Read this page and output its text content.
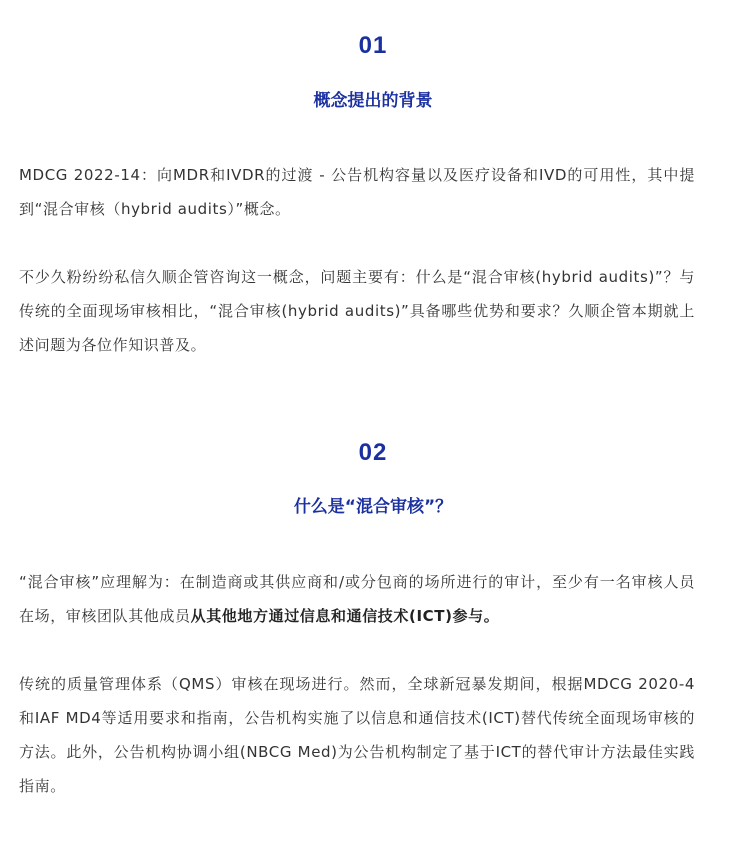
01
概念提出的背景

MDCG 2022-14：向MDR和IVDR的过渡 - 公告机构容量以及医疗设备和IVD的可用性，其中提到“混合审核（hybrid audits）”概念。

不少久粉纷纷私信久顺企管咨询这一概念，问题主要有：什么是“混合审核(hybrid audits)”？与传统的全面现场审核相比，“混合审核(hybrid audits)”具备哪些优势和要求？久顺企管本期就上述问题为各位作知识普及。

02
什么是“混合审核”？

“混合审核”应理解为：在制造商或其供应商和/或分包商的场所进行的审计，至少有一名审核人员在场，审核团队其他成员从其他地方通过信息和通信技术(ICT)参与。

传统的质量管理体系（QMS）审核在现场进行。然而，全球新冠暴发期间，根据MDCG 2020-4和IAF MD4等适用要求和指南，公告机构实施了以信息和通信技术(ICT)替代传统全面现场审核的方法。此外，公告机构协调小组(NBCG Med)为公告机构制定了基于ICT的替代审计方法最佳实践指南。
